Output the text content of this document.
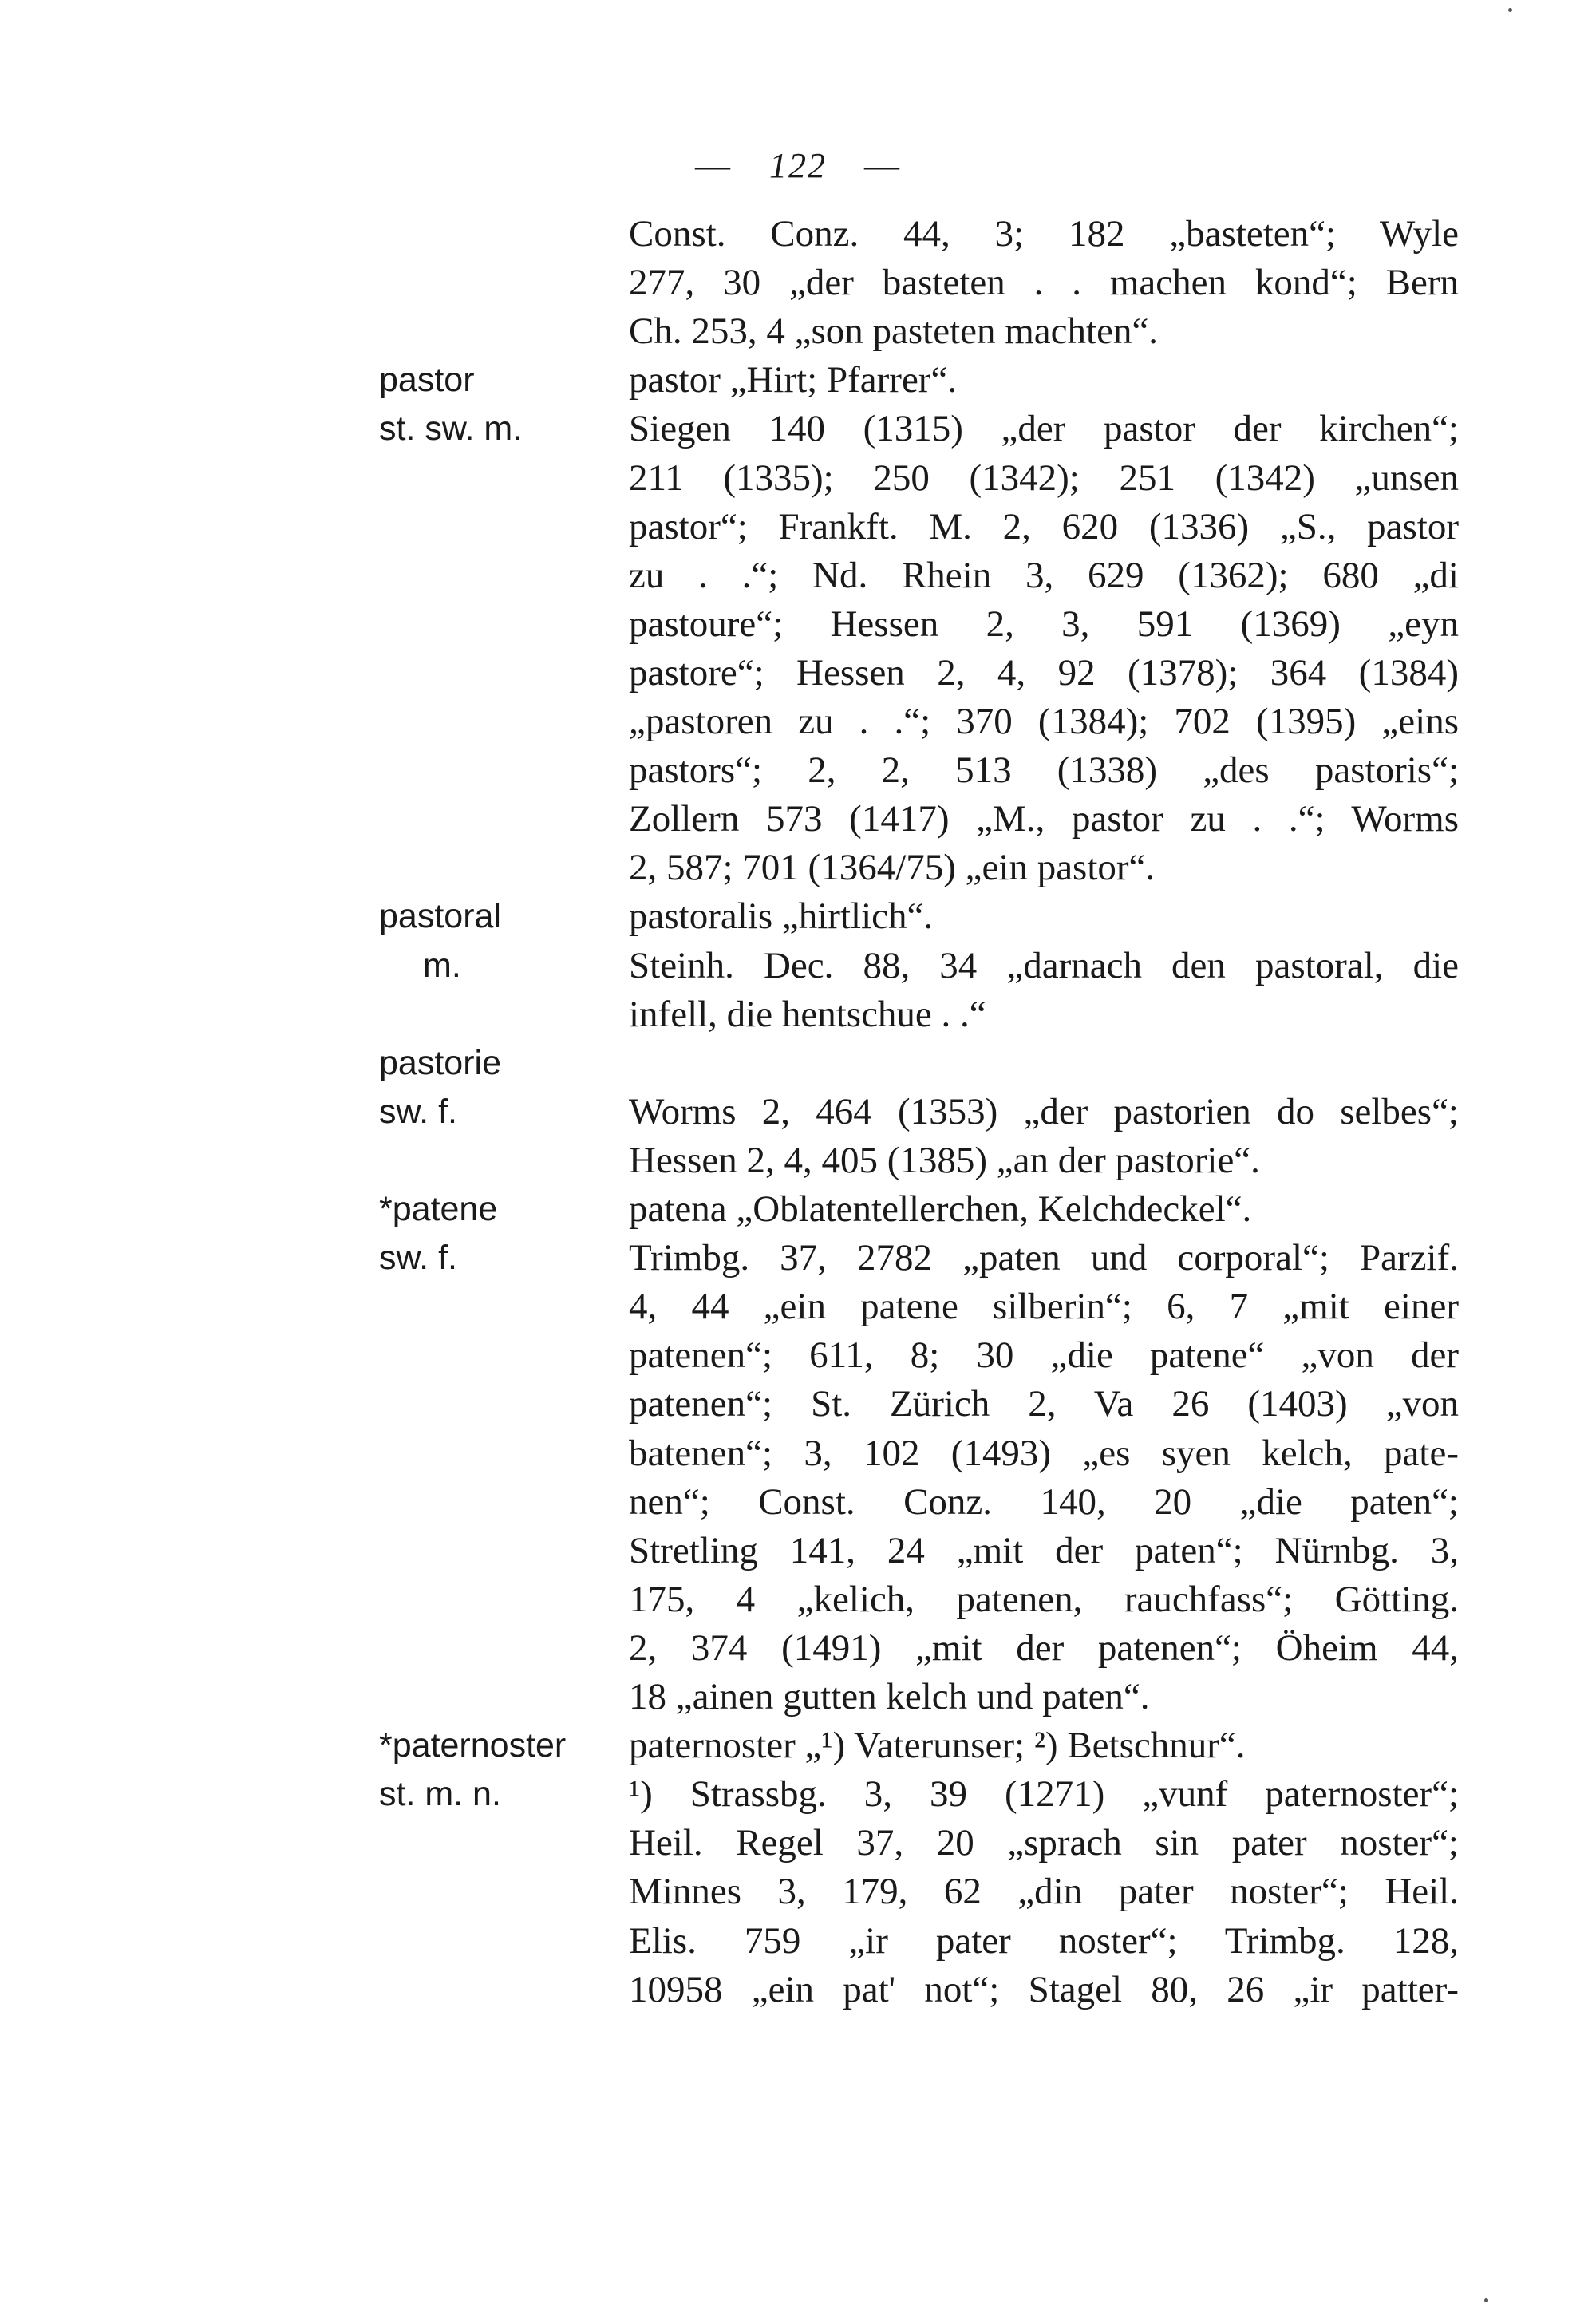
— 122 —
Const. Conz. 44, 3; 182 „basteten“; Wyle
277, 30 „der basteten . . machen kond“; Bern
Ch. 253, 4 „son pasteten machten“.
pastor	pastor „Hirt; Pfarrer“.
st. sw. m.	Siegen 140 (1315) „der pastor der kirchen“;
211 (1335); 250 (1342); 251 (1342) „unsen
pastor“; Frankft. M. 2, 620 (1336) „S., pastor
zu . .“; Nd. Rhein 3, 629 (1362); 680 „di
pastoure“; Hessen 2, 3, 591 (1369) „eyn
pastore“; Hessen 2, 4, 92 (1378); 364 (1384)
„pastoren zu . .“; 370 (1384); 702 (1395) „eins
pastors“; 2, 2, 513 (1338) „des pastoris“;
Zollern 573 (1417) „M., pastor zu . .“; Worms
2, 587; 701 (1364/75) „ein pastor“.
pastoral	pastoralis „hirtlich“.
m.	Steinh. Dec. 88, 34 „darnach den pastoral, die
infell, die hentschue . .“
pastorie
sw. f.	Worms 2, 464 (1353) „der pastorien do selbes“;
Hessen 2, 4, 405 (1385) „an der pastorie“.
*patene	patena „Oblatentellerchen, Kelchdeckel“.
sw. f.	Trimbg. 37, 2782 „paten und corporal“; Parzif.
4, 44 „ein patene silberin“; 6, 7 „mit einer
patenen“; 611, 8; 30 „die patene“ „von der
patenen“; St. Zürich 2, Va 26 (1403) „von
batenen“; 3, 102 (1493) „es syen kelch, pate-
nen“; Const. Conz. 140, 20 „die paten“;
Stretling 141, 24 „mit der paten“; Nürnbg. 3,
175, 4 „kelich, patenen, rauchfass“; Götting.
2, 374 (1491) „mit der patenen“; Öheim 44,
18 „ainen gutten kelch und paten“.
*paternoster	paternoster „¹) Vaterunser; ²) Betschnur“.
st. m. n.	¹) Strassbg. 3, 39 (1271) „vunf paternoster“;
Heil. Regel 37, 20 „sprach sin pater noster“;
Minnes 3, 179, 62 „din pater noster“; Heil.
Elis. 759 „ir pater noster“; Trimbg. 128,
10958 „ein pat' not“; Stagel 80, 26 „ir patter-
